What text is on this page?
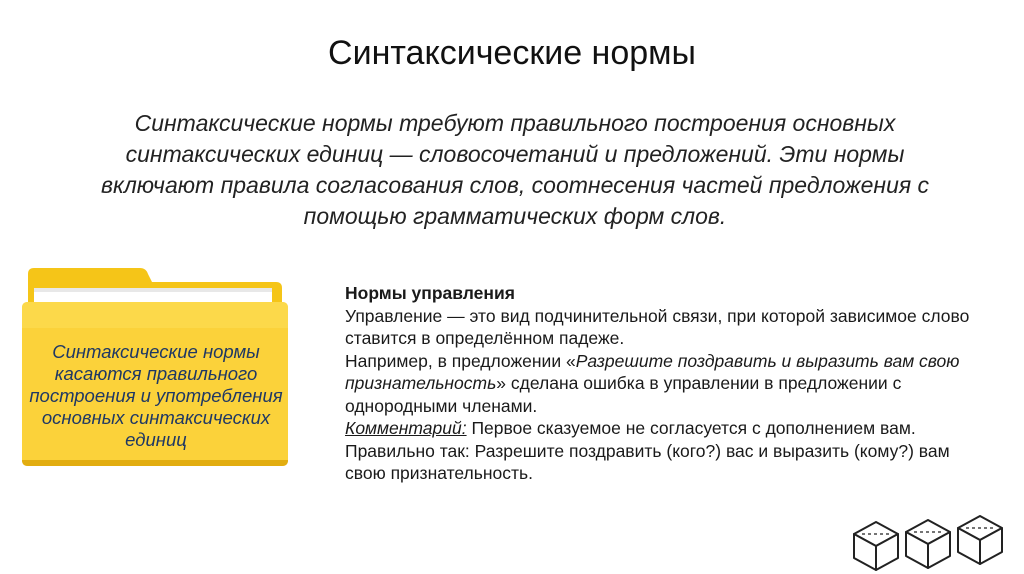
Синтаксические нормы
Синтаксические нормы требуют правильного построения основных синтаксических единиц — словосочетаний и предложений. Эти нормы включают правила согласования слов, соотнесения частей предложения с помощью грамматических форм слов.
Синтаксические нормы касаются правильного построения и употребления основных синтаксических единиц
Нормы управления

Управление — это вид подчинительной связи, при которой зависимое слово ставится в определённом падеже.

Например, в предложении «Разрешите поздравить и выразить вам свою признательность» сделана ошибка в управлении в предложении с однородными членами.

Комментарий: Первое сказуемое не согласуется с дополнением вам. Правильно так: Разрешите поздравить (кого?) вас и выразить (кому?) вам свою признательность.
